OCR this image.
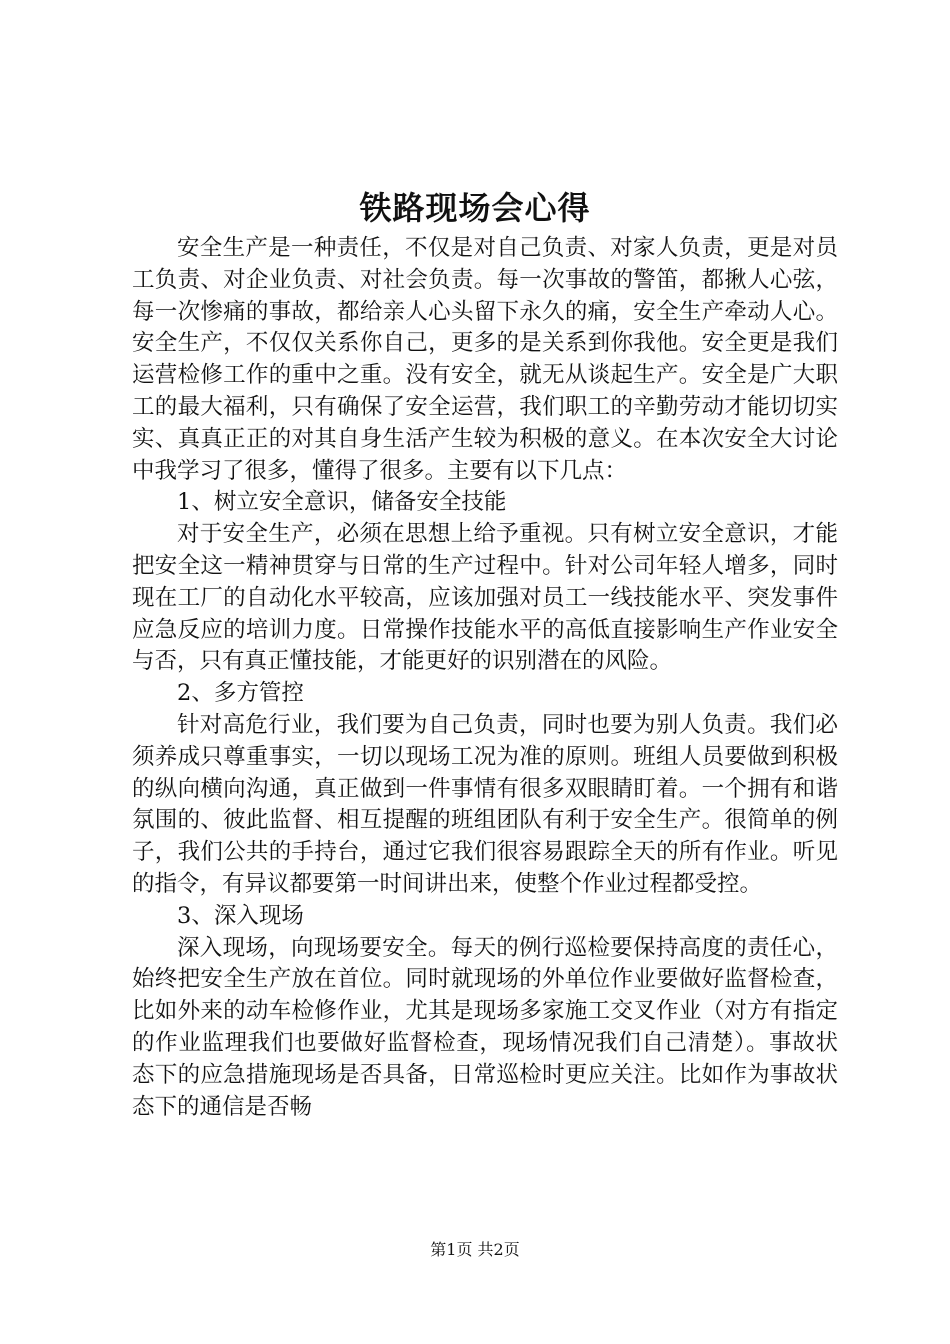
铁路现场会心得

安全生产是一种责任，不仅是对自己负责、对家人负责，更是对员工负责、对企业负责、对社会负责。每一次事故的警笛，都揪人心弦，每一次惨痛的事故，都给亲人心头留下永久的痛，安全生产牵动人心。安全生产，不仅仅关系你自己，更多的是关系到你我他。安全更是我们运营检修工作的重中之重。没有安全，就无从谈起生产。安全是广大职工的最大福利，只有确保了安全运营，我们职工的辛勤劳动才能切切实实、真真正正的对其自身生活产生较为积极的意义。在本次安全大讨论中我学习了很多，懂得了很多。主要有以下几点：

1、树立安全意识，储备安全技能

对于安全生产，必须在思想上给予重视。只有树立安全意识，才能把安全这一精神贯穿与日常的生产过程中。针对公司年轻人增多，同时现在工厂的自动化水平较高，应该加强对员工一线技能水平、突发事件应急反应的培训力度。日常操作技能水平的高低直接影响生产作业安全与否，只有真正懂技能，才能更好的识别潜在的风险。

2、多方管控

针对高危行业，我们要为自己负责，同时也要为别人负责。我们必须养成只尊重事实，一切以现场工况为准的原则。班组人员要做到积极的纵向横向沟通，真正做到一件事情有很多双眼睛盯着。一个拥有和谐氛围的、彼此监督、相互提醒的班组团队有利于安全生产。很简单的例子，我们公共的手持台，通过它我们很容易跟踪全天的所有作业。听见的指令，有异议都要第一时间讲出来，使整个作业过程都受控。

3、深入现场

深入现场，向现场要安全。每天的例行巡检要保持高度的责任心，始终把安全生产放在首位。同时就现场的外单位作业要做好监督检查，比如外来的动车检修作业，尤其是现场多家施工交叉作业（对方有指定的作业监理我们也要做好监督检查，现场情况我们自己清楚）。事故状态下的应急措施现场是否具备，日常巡检时更应关注。比如作为事故状态下的通信是否畅

第1页 共2页
